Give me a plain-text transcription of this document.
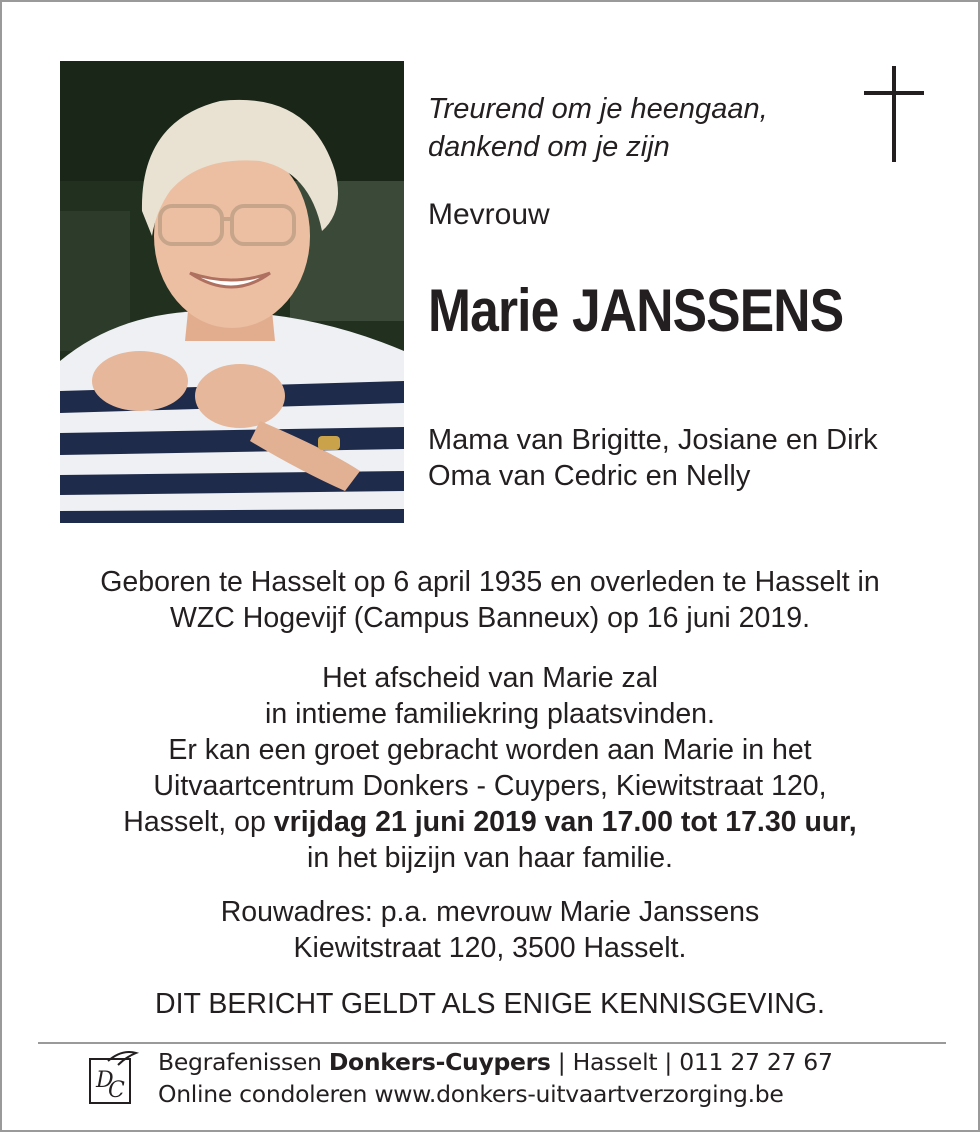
Treurend om je heengaan,
dankend om je zijn
Mevrouw
Marie JANSSENS
Mama van Brigitte, Josiane en Dirk
Oma van Cedric en Nelly
Geboren te Hasselt op 6 april 1935 en overleden te Hasselt in
WZC Hogevijf (Campus Banneux) op 16 juni 2019.
Het afscheid van Marie zal
in intieme familiekring plaatsvinden.
Er kan een groet gebracht worden aan Marie in het
Uitvaartcentrum Donkers - Cuypers, Kiewitstraat 120,
Hasselt, op vrijdag 21 juni 2019 van 17.00 tot 17.30 uur,
in het bijzijn van haar familie.
Rouwadres: p.a. mevrouw Marie Janssens
Kiewitstraat 120, 3500 Hasselt.
DIT BERICHT GELDT ALS ENIGE KENNISGEVING.
D
C
Begrafenissen Donkers-Cuypers | Hasselt | 011 27 27 67
Online condoleren www.donkers-uitvaartverzorging.be
